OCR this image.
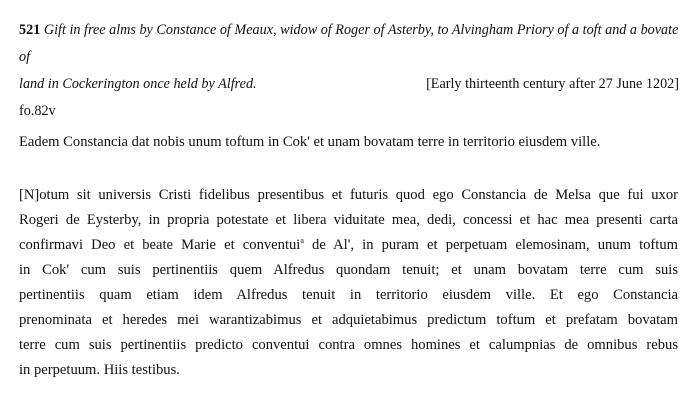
521 Gift in free alms by Constance of Meaux, widow of Roger of Asterby, to Alvingham Priory of a toft and a bovate of
land in Cockerington once held by Alfred.	[Early thirteenth century after 27 June 1202]
fo.82v
Eadem Constancia dat nobis unum toftum in Cok' et unam bovatam terre in territorio eiusdem ville.
[N]otum sit universis Cristi fidelibus presentibus et futuris quod ego Constancia de Melsa que fui uxor
Rogeri de Eysterby, in propria potestate et libera viduitate mea, dedi, concessi et hac mea presenti carta
confirmavi Deo et beate Marie et conventui$^a$ de Al', in puram et perpetuam elemosinam, unum toftum
in Cok' cum suis pertinentiis quem Alfredus quondam tenuit; et unam bovatam terre cum suis
pertinentiis quam etiam idem Alfredus tenuit in territorio eiusdem ville. Et ego Constancia
prenominata et heredes mei warantizabimus et adquietabimus predictum toftum et prefatam bovatam
terre cum suis pertinentiis predicto conventui contra omnes homines et calumpnias de omnibus rebus
in perpetuum. Hiis testibus.
